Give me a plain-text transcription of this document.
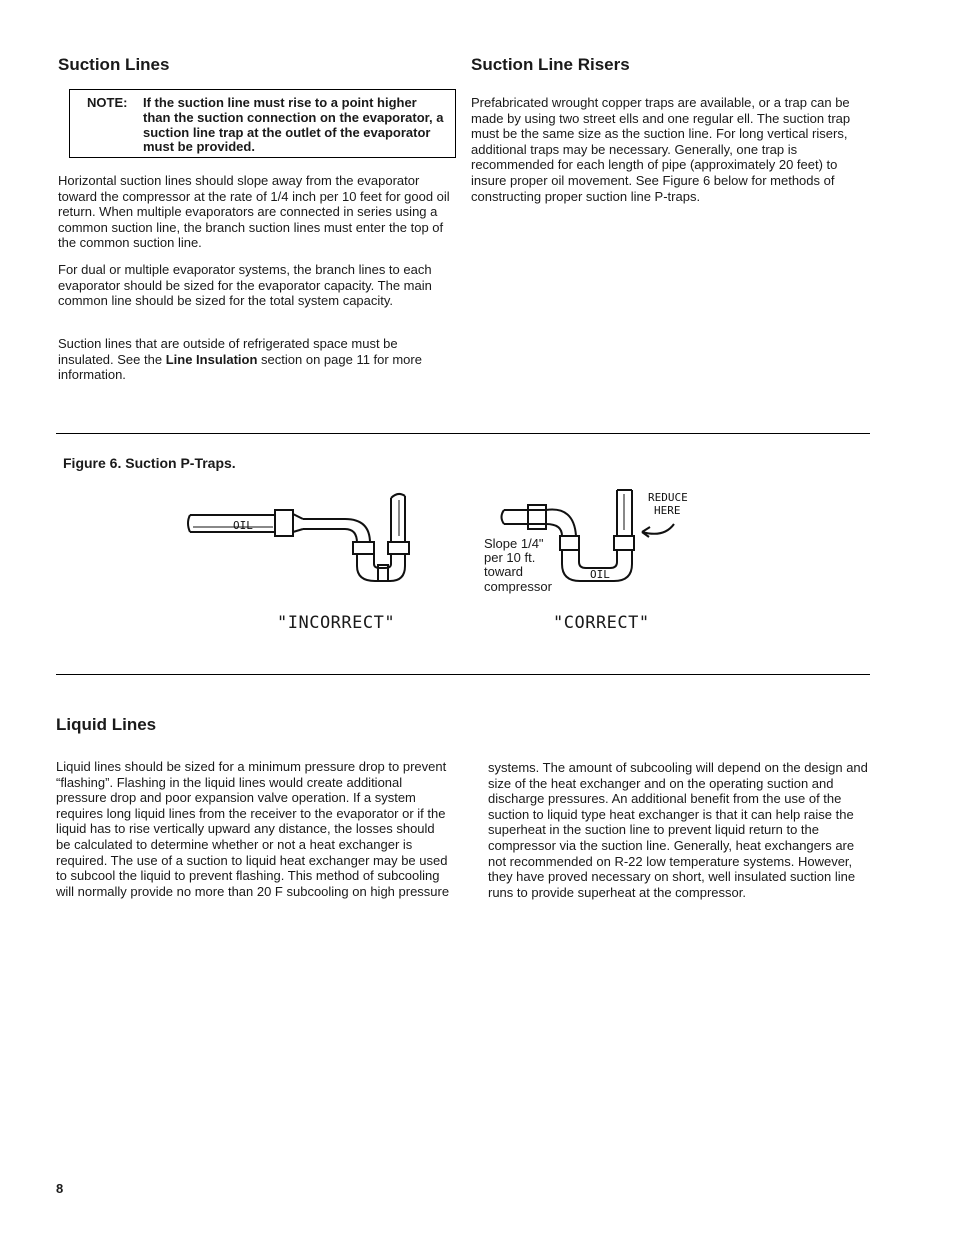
Suction Lines
NOTE:	If the suction line must rise to a point higher than the suction connection on the evaporator, a suction line trap at the outlet of the evaporator must be provided.

Horizontal suction lines should slope away from the evaporator toward the compressor at the rate of 1/4 inch per 10 feet for good oil return. When multiple evaporators are connected in series using a common suction line, the branch suction lines must enter the top of the common suction line.

For dual or multiple evaporator systems, the branch lines to each evaporator should be sized for the evaporator capacity. The main common line should be sized for the total system capacity.

Suction lines that are outside of refrigerated space must be insulated. See the Line Insulation section on page 11 for more information.

Suction Line Risers

Prefabricated wrought copper traps are available, or a trap can be made by using two street ells and one regular ell. The suction trap must be the same size as the suction line. For long vertical risers, additional traps may be necessary. Generally, one trap is recommended for each length of pipe (approximately 20 feet) to insure proper oil movement. See Figure 6 below for methods of constructing proper suction line P-traps.

Figure 6. Suction P-Traps.
OIL
OIL
REDUCE
HERE
Slope 1/4" per 10 ft. toward compressor
"INCORRECT"	"CORRECT"
Liquid Lines

Liquid lines should be sized for a minimum pressure drop to prevent “flashing”. Flashing in the liquid lines would create additional pressure drop and poor expansion valve operation. If a system requires long liquid lines from the receiver to the evaporator or if the liquid has to rise vertically upward any distance, the losses should be calculated to determine whether or not a heat exchanger is required. The use of a suction to liquid heat exchanger may be used to subcool the liquid to prevent flashing. This method of subcooling will normally provide no more than 20 F subcooling on high pressure

systems. The amount of subcooling will depend on the design and size of the heat exchanger and on the operating suction and discharge pressures. An additional benefit from the use of the suction to liquid type heat exchanger is that it can help raise the superheat in the suction line to prevent liquid return to the compressor via the suction line. Generally, heat exchangers are not recommended on R-22 low temperature systems. However, they have proved necessary on short, well insulated suction line runs to provide superheat at the compressor.

8
